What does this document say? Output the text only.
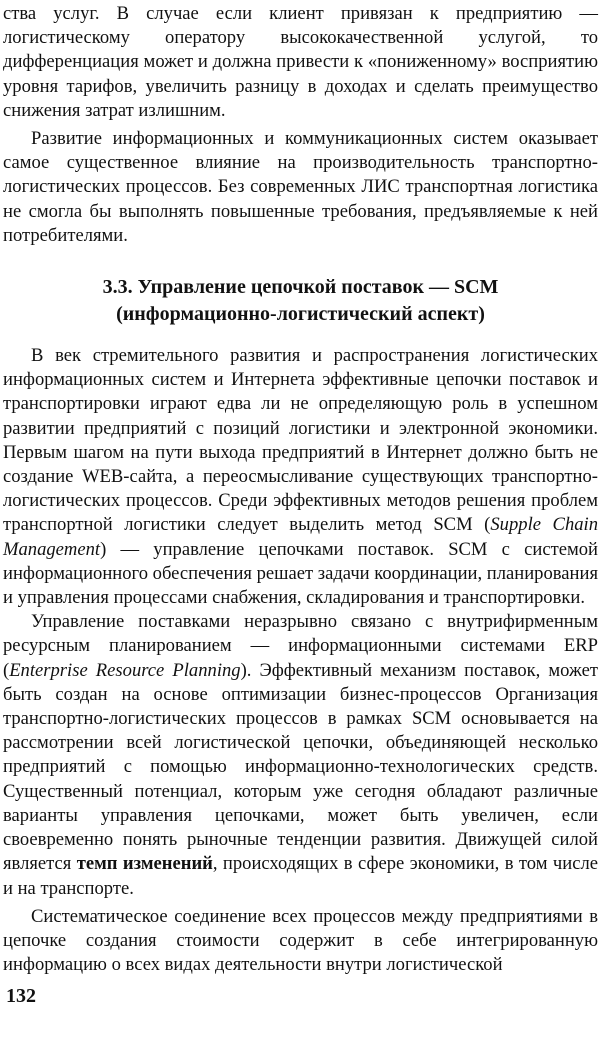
ства услуг. В случае если клиент привязан к предприятию — логистическому оператору высококачественной услугой, то дифференциация может и должна привести к «пониженному» восприятию уровня тарифов, увеличить разницу в доходах и сделать преимущество снижения затрат излишним.

Развитие информационных и коммуникационных систем оказывает самое существенное влияние на производительность транспортно-логистических процессов. Без современных ЛИС транспортная логистика не смогла бы выполнять повышенные требования, предъявляемые к ней потребителями.

3.3. Управление цепочкой поставок — SCM
(информационно-логистический аспект)

В век стремительного развития и распространения логистических информационных систем и Интернета эффективные цепочки поставок и транспортировки играют едва ли не определяющую роль в успешном развитии предприятий с позиций логистики и электронной экономики. Первым шагом на пути выхода предприятий в Интернет должно быть не создание WEB-сайта, а переосмысливание существующих транспортно-логистических процессов. Среди эффективных методов решения проблем транспортной логистики следует выделить метод SCM (Supple Chain Management) — управление цепочками поставок. SCM с системой информационного обеспечения решает задачи координации, планирования и управления процессами снабжения, складирования и транспортировки.

Управление поставками неразрывно связано с внутрифирменным ресурсным планированием — информационными системами ERP (Enterprise Resource Planning). Эффективный механизм поставок, может быть создан на основе оптимизации бизнес-процессов Организация транспортно-логистических процессов в рамках SCM основывается на рассмотрении всей логистической цепочки, объединяющей несколько предприятий с помощью информационно-технологических средств. Существенный потенциал, которым уже сегодня обладают различные варианты управления цепочками, может быть увеличен, если своевременно понять рыночные тенденции развития. Движущей силой является темп изменений, происходящих в сфере экономики, в том числе и на транспорте.

Систематическое соединение всех процессов между предприятиями в цепочке создания стоимости содержит в себе интегрированную информацию о всех видах деятельности внутри логистической

132
